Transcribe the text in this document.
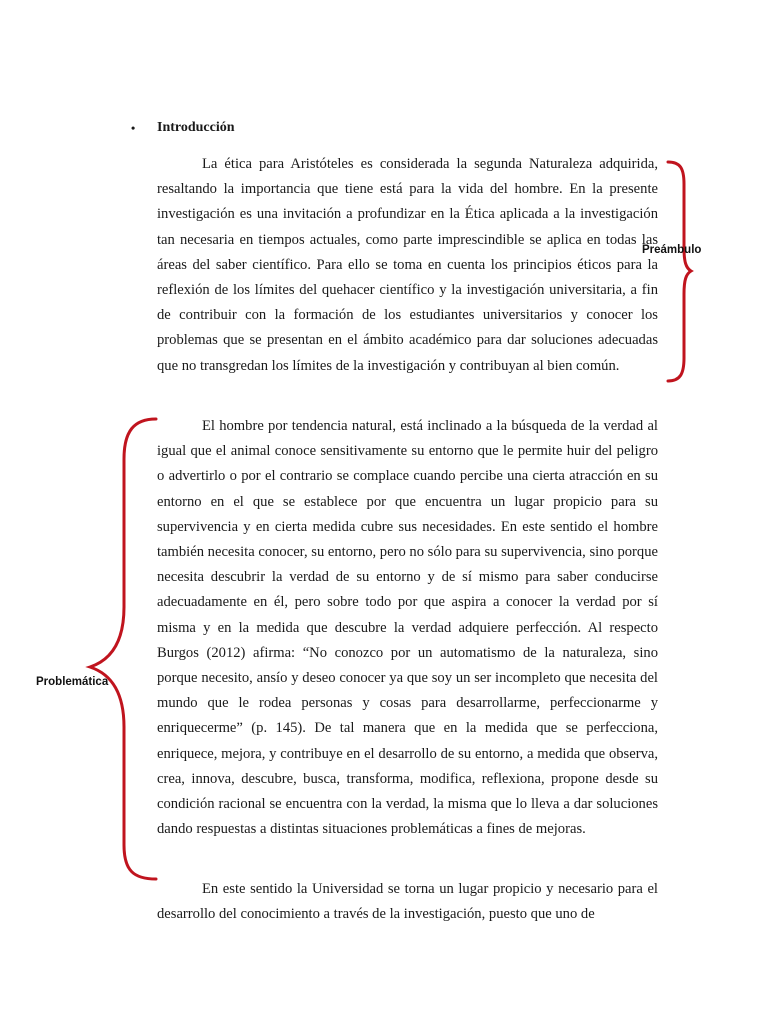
•	Introducción

La ética para Aristóteles es considerada la segunda Naturaleza adquirida, resaltando la importancia que tiene está para la vida del hombre. En la presente investigación es una invitación a profundizar en la Ética aplicada a la investigación tan necesaria en tiempos actuales, como parte imprescindible se aplica en todas las áreas del saber científico. Para ello se toma en cuenta los principios éticos para la reflexión de los límites del quehacer científico y la investigación universitaria, a fin de contribuir con la formación de los estudiantes universitarios y conocer los problemas que se presentan en el ámbito académico para dar soluciones adecuadas que no transgredan los límites de la investigación y contribuyan al bien común.

El hombre por tendencia natural, está inclinado a la búsqueda de la verdad al igual que el animal conoce sensitivamente su entorno que le permite huir del peligro o advertirlo o por el contrario se complace cuando percibe una cierta atracción en su entorno en el que se establece por que encuentra un lugar propicio para su supervivencia y en cierta medida cubre sus necesidades. En este sentido el hombre también necesita conocer, su entorno, pero no sólo para su supervivencia, sino porque necesita descubrir la verdad de su entorno y de sí mismo para saber conducirse adecuadamente en él, pero sobre todo por que aspira a conocer la verdad por sí misma y en la medida que descubre la verdad adquiere perfección. Al respecto Burgos (2012) afirma: “No conozco por un automatismo de la naturaleza, sino porque necesito, ansío y deseo conocer ya que soy un ser incompleto que necesita del mundo que le rodea personas y cosas para desarrollarme, perfeccionarme y enriquecerme” (p. 145). De tal manera que en la medida que se perfecciona, enriquece, mejora, y contribuye en el desarrollo de su entorno, a medida que observa, crea, innova, descubre, busca, transforma, modifica, reflexiona, propone desde su condición racional se encuentra con la verdad, la misma que lo lleva a dar soluciones dando respuestas a distintas situaciones problemáticas a fines de mejoras.

En este sentido la Universidad se torna un lugar propicio y necesario para el desarrollo del conocimiento a través de la investigación, puesto que uno de

Preámbulo
Problemática
